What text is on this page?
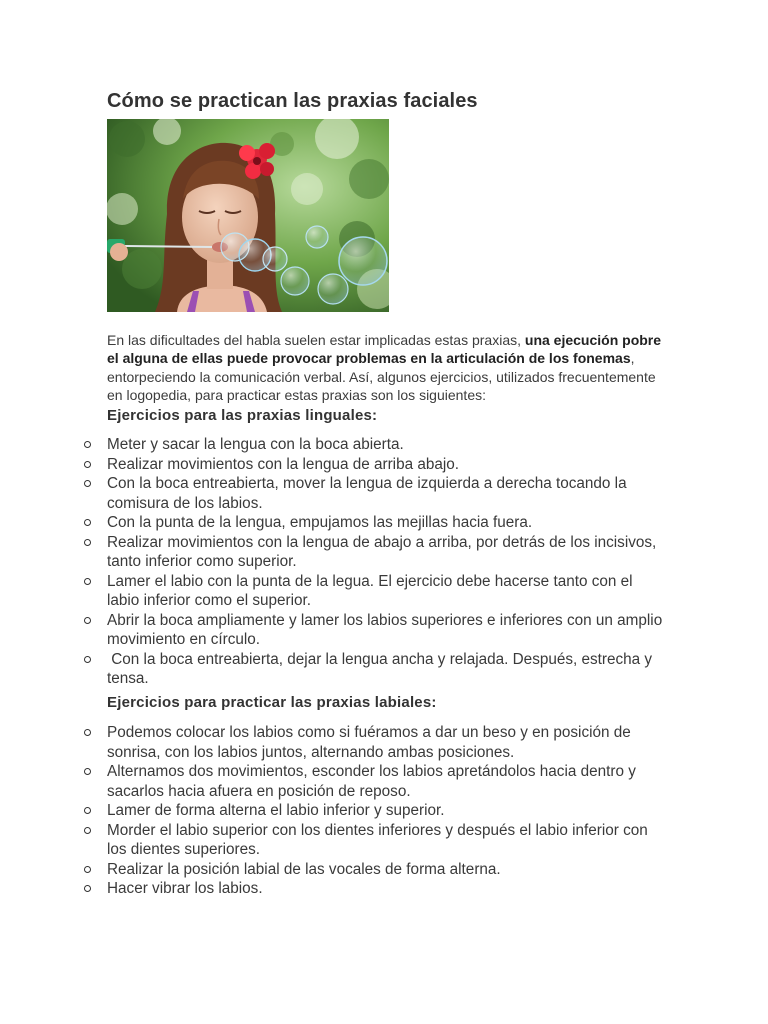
Cómo se practican las praxias faciales

En las dificultades del habla suelen estar implicadas estas praxias, una ejecución pobre el alguna de ellas puede provocar problemas en la articulación de los fonemas, entorpeciendo la comunicación verbal. Así, algunos ejercicios, utilizados frecuentemente en logopedia, para practicar estas praxias son los siguientes:

Ejercicios para las praxias linguales:
Meter y sacar la lengua con la boca abierta.
Realizar movimientos con la lengua de arriba abajo.
Con la boca entreabierta, mover la lengua de izquierda a derecha tocando la comisura de los labios.
Con la punta de la lengua, empujamos las mejillas hacia fuera.
Realizar movimientos con la lengua de abajo a arriba, por detrás de los incisivos, tanto inferior como superior.
Lamer el labio con la punta de la legua. El ejercicio debe hacerse tanto con el labio inferior como el superior.
Abrir la boca ampliamente y lamer los labios superiores e inferiores con un amplio movimiento en círculo.
Con la boca entreabierta, dejar la lengua ancha y relajada. Después, estrecha y tensa.
Ejercicios para practicar las praxias labiales:
Podemos colocar los labios como si fuéramos a dar un beso y en posición de sonrisa, con los labios juntos, alternando ambas posiciones.
Alternamos dos movimientos, esconder los labios apretándolos hacia dentro y sacarlos hacia afuera en posición de reposo.
Lamer de forma alterna el labio inferior y superior.
Morder el labio superior con los dientes inferiores y después el labio inferior con los dientes superiores.
Realizar la posición labial de las vocales de forma alterna.
Hacer vibrar los labios.
